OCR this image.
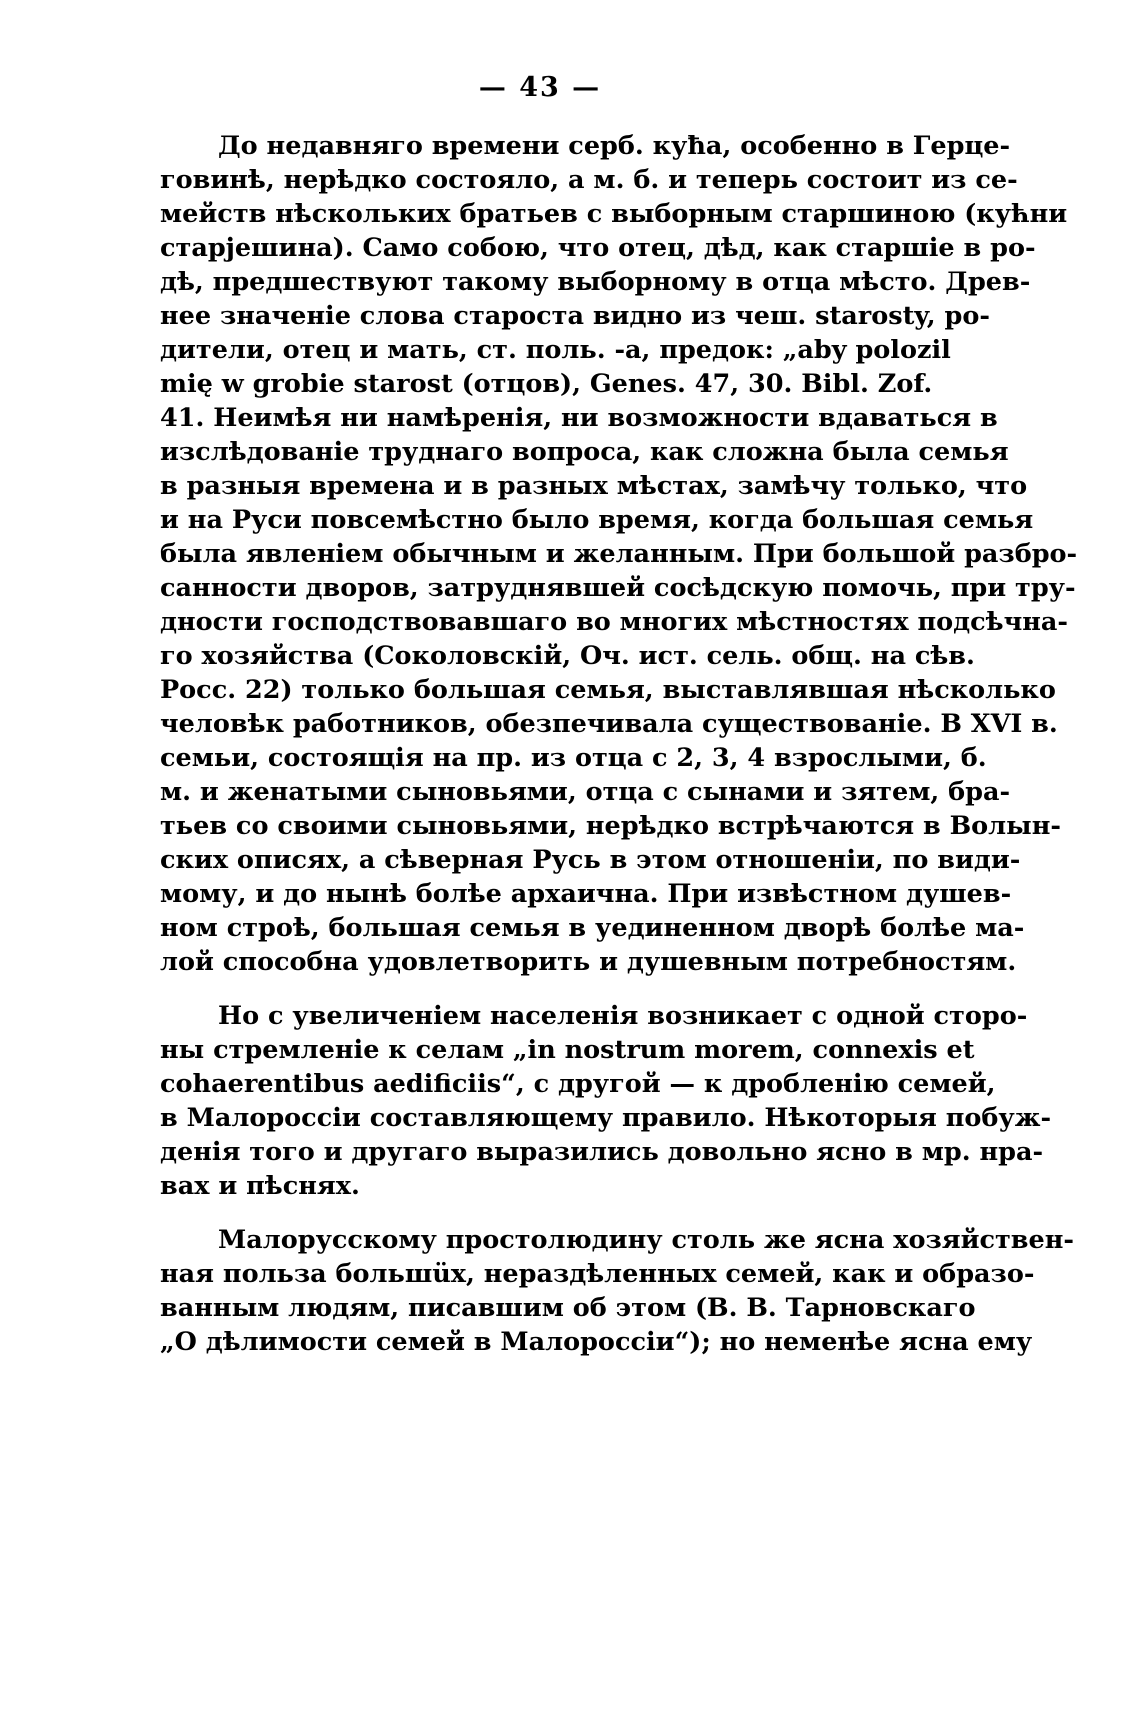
— 43 —
До недавняго времени серб. куħа, особенно в Герце-
говинѣ, нерѣдко состояло, а м. б. и теперь состоит из се-
мейств нѣскольких братьев с выборным старшиною (кућни
старјешина). Само собою, что отец, дѣд, как старшіе в ро-
дѣ, предшествуют такому выборному в отца мѣсто. Древ-
нее значеніе слова староста видно из чеш. starosty, ро-
дители, отец и мать, ст. поль. -a, предок: „aby polozil
mię w grobie starost (отцов), Genes. 47, 30. Bibl. Zof.
41. Неимѣя ни намѣренія, ни возможности вдаваться в
изслѣдованіе труднаго вопроса, как сложна была семья
в разныя времена и в разных мѣстах, замѣчу только, что
и на Руси повсемѣстно было время, когда большая семья
была явленіем обычным и желанным. При большой разбро-
санности дворов, затруднявшей сосѣдскую помочь, при тру-
дности господствовавшаго во многих мѣстностях подсѣчна-
го хозяйства (Соколовскій, Оч. ист. сель. общ. на сѣв.
Росс. 22) только большая семья, выставлявшая нѣсколько
человѣк работников, обезпечивала существованіе. В XVI в.
семьи, состоящія на пр. из отца с 2, 3, 4 взрослыми, б.
м. и женатыми сыновьями, отца с сынами и зятем, бра-
тьев со своими сыновьями, нерѣдко встрѣчаются в Волын-
ских описях, а сѣверная Русь в этом отношеніи, по види-
мому, и до нынѣ болѣе архаична. При извѣстном душев-
ном строѣ, большая семья в уединенном дворѣ болѣе ма-
лой способна удовлетворить и душевным потребностям.
Но с увеличеніем населенія возникает с одной сторо-
ны стремленіе к селам „in nostrum morem, connexis et
cohaerentibus aedificiis“, с другой — к дробленію семей,
в Малороссіи составляющему правило. Нѣкоторыя побуж-
денія того и другаго выразились довольно ясно в мр. нра-
вах и пѣснях.
Малорусскому простолюдину столь же ясна хозяйствен-
ная польза большüх, нераздѣленных семей, как и образо-
ванным людям, писавшим об этом (В. В. Тарновскаго
„О дѣлимости семей в Малороссіи“); но неменѣе ясна ему
